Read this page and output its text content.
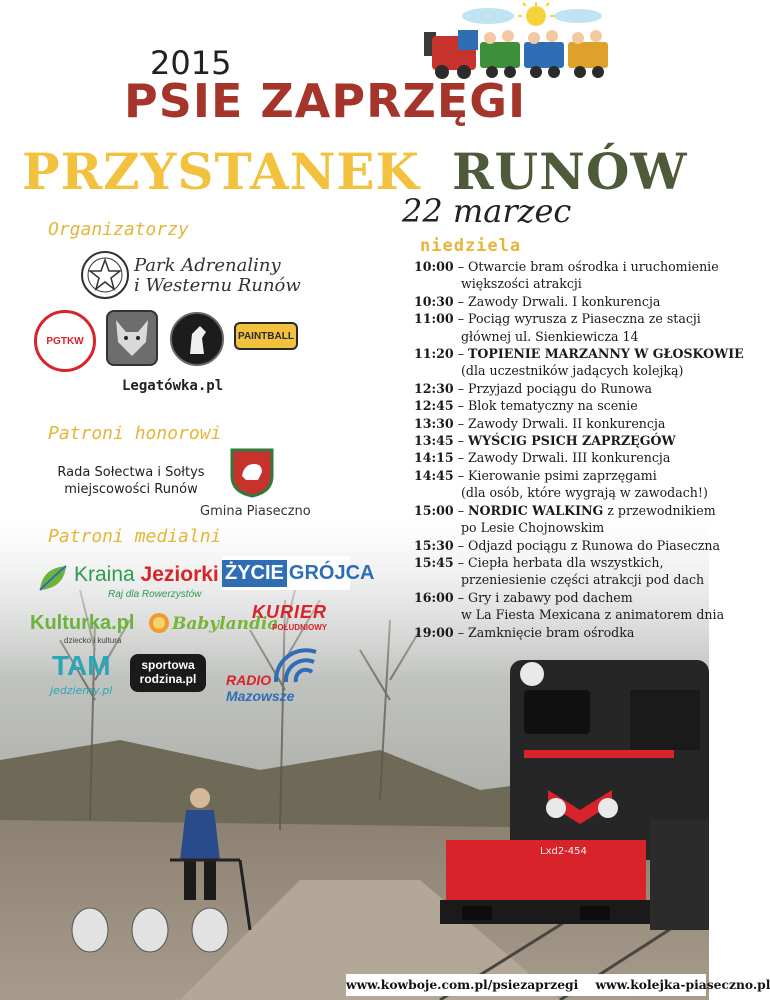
2015
PSIE ZAPRZĘGI
PRZYSTANEK RUNÓW
22 marzec
Organizatorzy
Park Adrenaliny
i Westernu Runów
PGTKW	PAINTBALL
Legatówka.pl
Patroni honorowi
Rada Sołectwa i Sołtys
miejscowości Runów
Gmina Piaseczno
Patroni medialni
Kraina Jeziorki
Raj dla Rowerzystów
ŻYCIE GRÓJCA
Kulturka.pl
dziecko i kultura
Babylandia
KURIER
POŁUDNIOWY
TAM
jedziemy.pl
sportowa
rodzina.pl	RADIO
Mazowsze
niedziela
10:00 – Otwarcie bram ośrodka i uruchomienie
większości atrakcji
10:30 – Zawody Drwali. I konkurencja
11:00 – Pociąg wyrusza z Piaseczna ze stacji
głównej ul. Sienkiewicza 14
11:20 – TOPIENIE MARZANNY W GŁOSKOWIE
(dla uczestników jadących kolejką)
12:30 – Przyjazd pociągu do Runowa
12:45 – Blok tematyczny na scenie
13:30 – Zawody Drwali. II konkurencja
13:45 – WYŚCIG PSICH ZAPRZĘGÓW
14:15 – Zawody Drwali. III konkurencja
14:45 – Kierowanie psimi zaprzęgami
(dla osób, które wygrają w zawodach!)
15:00 – NORDIC WALKING z przewodnikiem
po Lesie Chojnowskim
15:30 – Odjazd pociągu z Runowa do Piaseczna
15:45 – Ciepła herbata dla wszystkich,
przeniesienie części atrakcji pod dach
16:00 – Gry i zabawy pod dachem
w La Fiesta Mexicana z animatorem dnia
19:00 – Zamknięcie bram ośrodka
Lxd2-454
www.kowboje.com.pl/psiezaprzegi www.kolejka-piaseczno.pl
